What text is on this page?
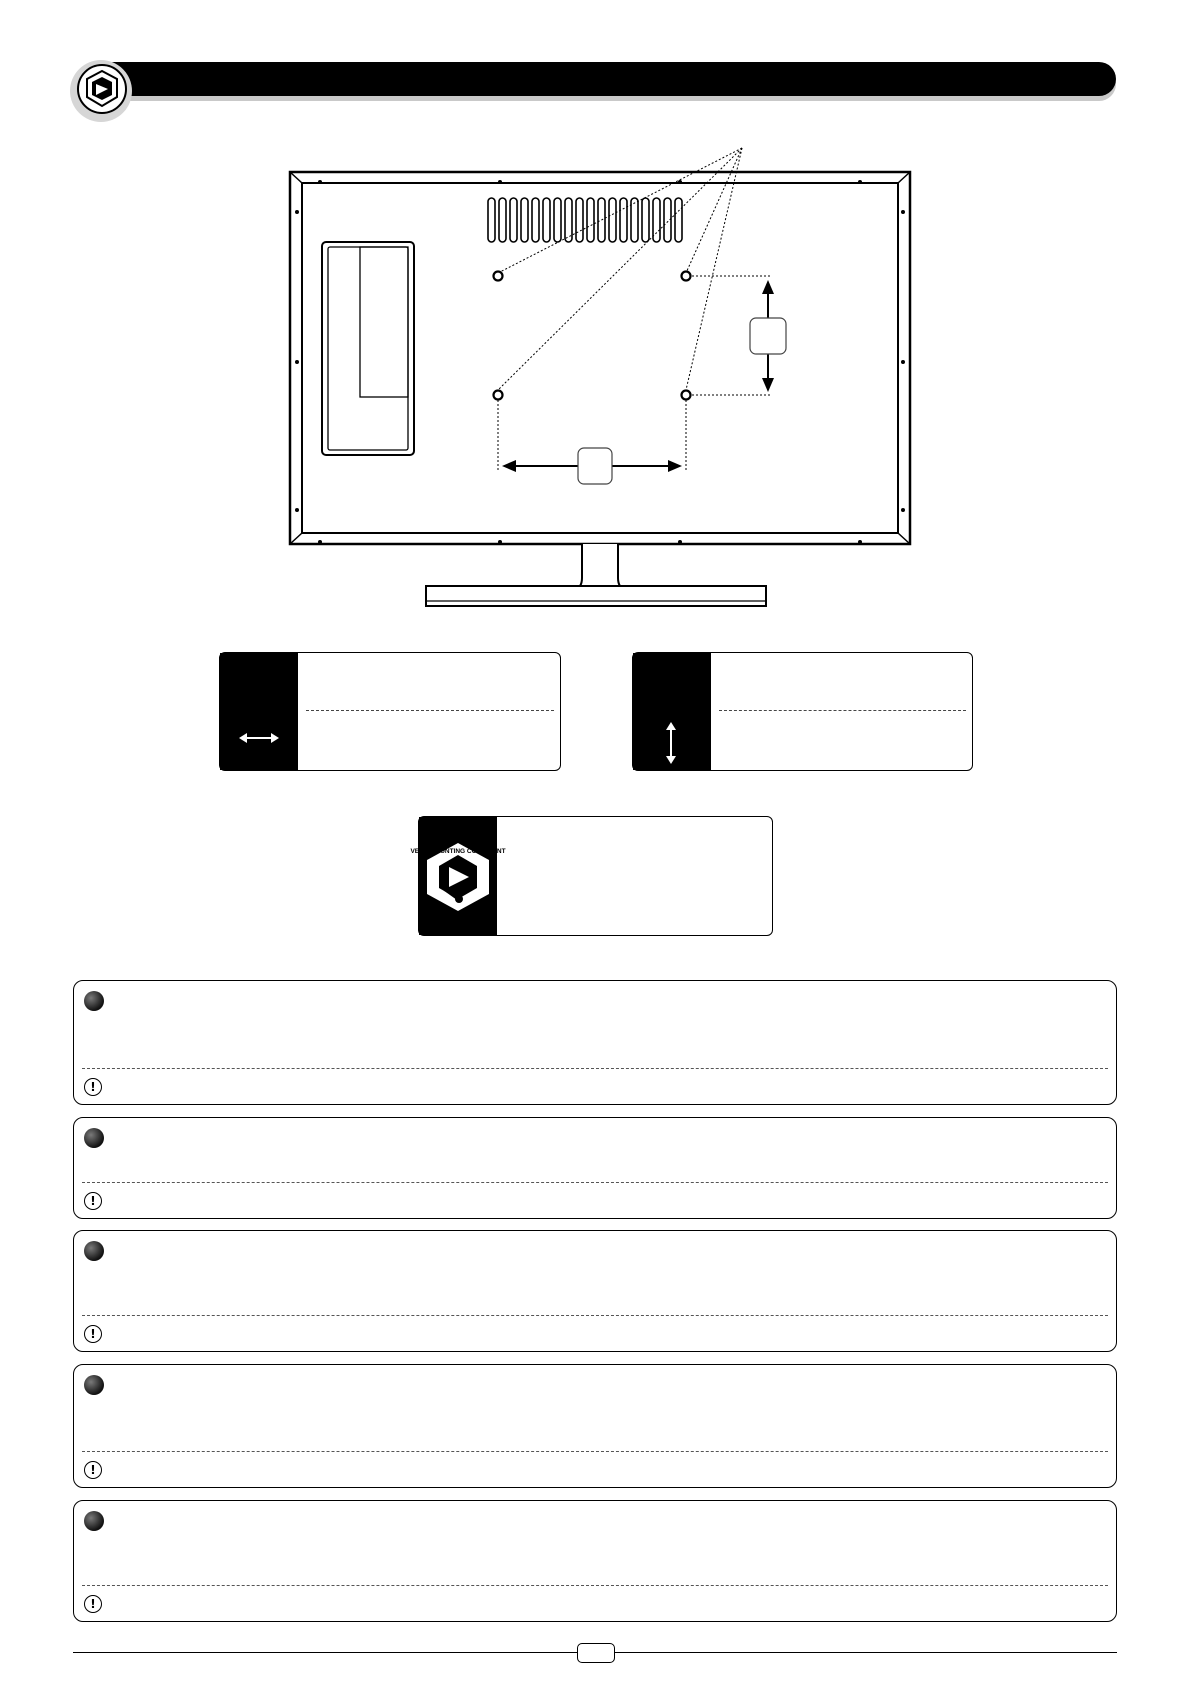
VESA MOUNTING COMPLIANT
!
!
!
!
!
